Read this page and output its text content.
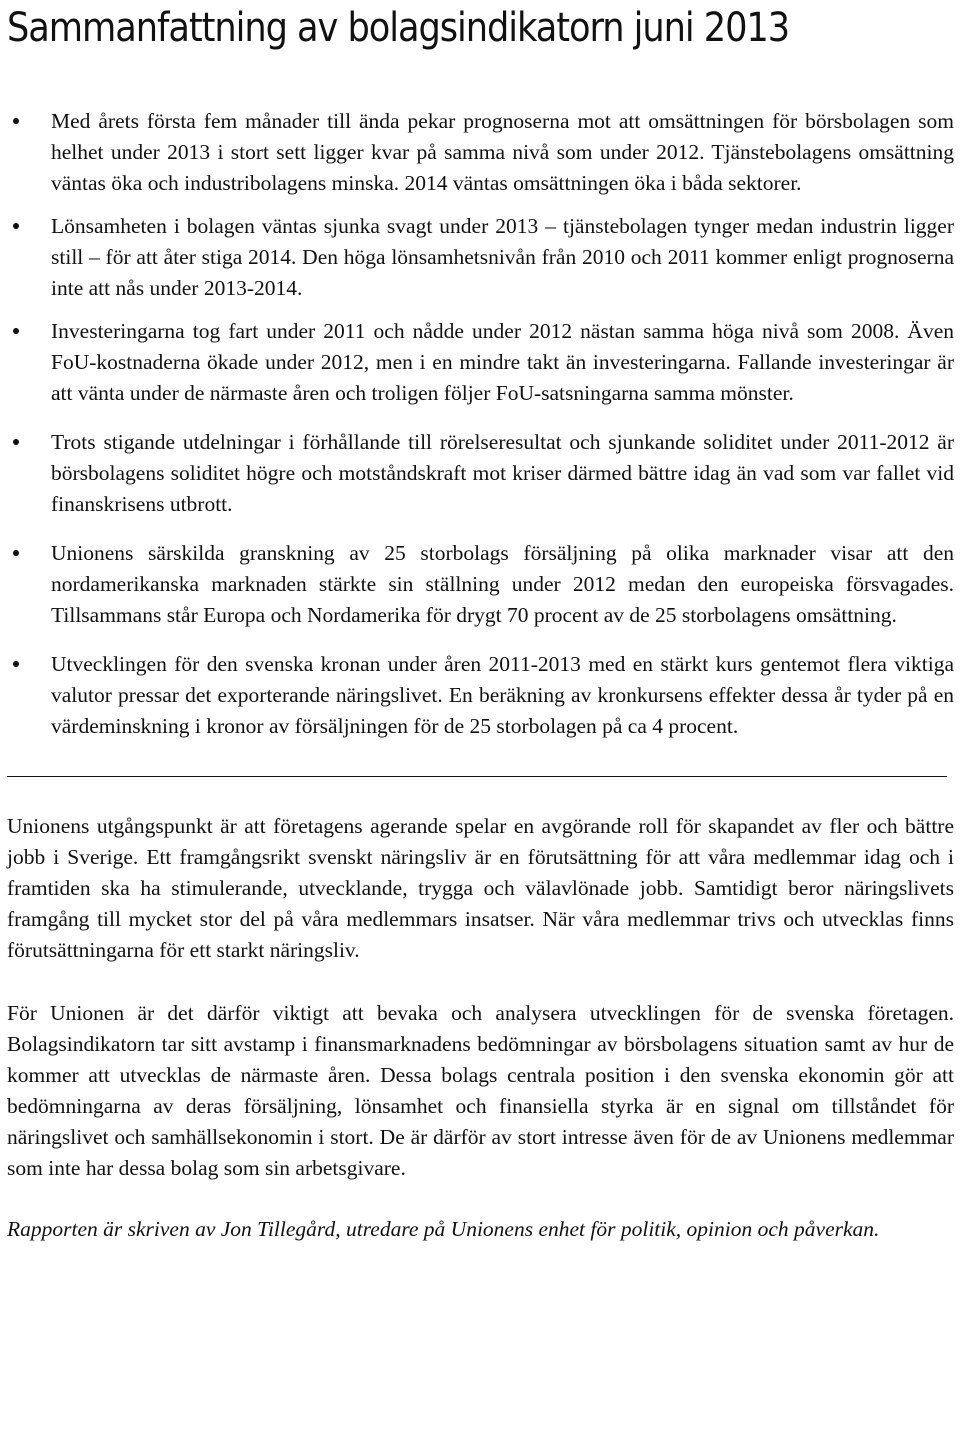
Sammanfattning av bolagsindikatorn juni 2013
Med årets första fem månader till ända pekar prognoserna mot att omsättningen för börsbolagen som helhet under 2013 i stort sett ligger kvar på samma nivå som under 2012. Tjänstebolagens omsättning väntas öka och industribolagens minska. 2014 väntas omsättningen öka i båda sektorer.
Lönsamheten i bolagen väntas sjunka svagt under 2013 – tjänstebolagen tynger medan industrin ligger still – för att åter stiga 2014. Den höga lönsamhetsnivån från 2010 och 2011 kommer enligt prognoserna inte att nås under 2013-2014.
Investeringarna tog fart under 2011 och nådde under 2012 nästan samma höga nivå som 2008. Även FoU-kostnaderna ökade under 2012, men i en mindre takt än investeringarna. Fallande investeringar är att vänta under de närmaste åren och troligen följer FoU-satsningarna samma mönster.
Trots stigande utdelningar i förhållande till rörelseresultat och sjunkande soliditet under 2011-2012 är börsbolagens soliditet högre och motståndskraft mot kriser därmed bättre idag än vad som var fallet vid finanskrisens utbrott.
Unionens särskilda granskning av 25 storbolags försäljning på olika marknader visar att den nordamerikanska marknaden stärkte sin ställning under 2012 medan den europeiska försvagades. Tillsammans står Europa och Nordamerika för drygt 70 procent av de 25 storbolagens omsättning.
Utvecklingen för den svenska kronan under åren 2011-2013 med en stärkt kurs gentemot flera viktiga valutor pressar det exporterande näringslivet. En beräkning av kronkursens effekter dessa år tyder på en värdeminskning i kronor av försäljningen för de 25 storbolagen på ca 4 procent.

Unionens utgångspunkt är att företagens agerande spelar en avgörande roll för skapandet av fler och bättre jobb i Sverige. Ett framgångsrikt svenskt näringsliv är en förutsättning för att våra medlemmar idag och i framtiden ska ha stimulerande, utvecklande, trygga och välavlönade jobb. Samtidigt beror näringslivets framgång till mycket stor del på våra medlemmars insatser. När våra medlemmar trivs och utvecklas finns förutsättningarna för ett starkt näringsliv.

För Unionen är det därför viktigt att bevaka och analysera utvecklingen för de svenska företagen. Bolagsindikatorn tar sitt avstamp i finansmarknadens bedömningar av börsbolagens situation samt av hur de kommer att utvecklas de närmaste åren. Dessa bolags centrala position i den svenska ekonomin gör att bedömningarna av deras försäljning, lönsamhet och finansiella styrka är en signal om tillståndet för näringslivet och samhällsekonomin i stort. De är därför av stort intresse även för de av Unionens medlemmar som inte har dessa bolag som sin arbetsgivare.

Rapporten är skriven av Jon Tillegård, utredare på Unionens enhet för politik, opinion och påverkan.
